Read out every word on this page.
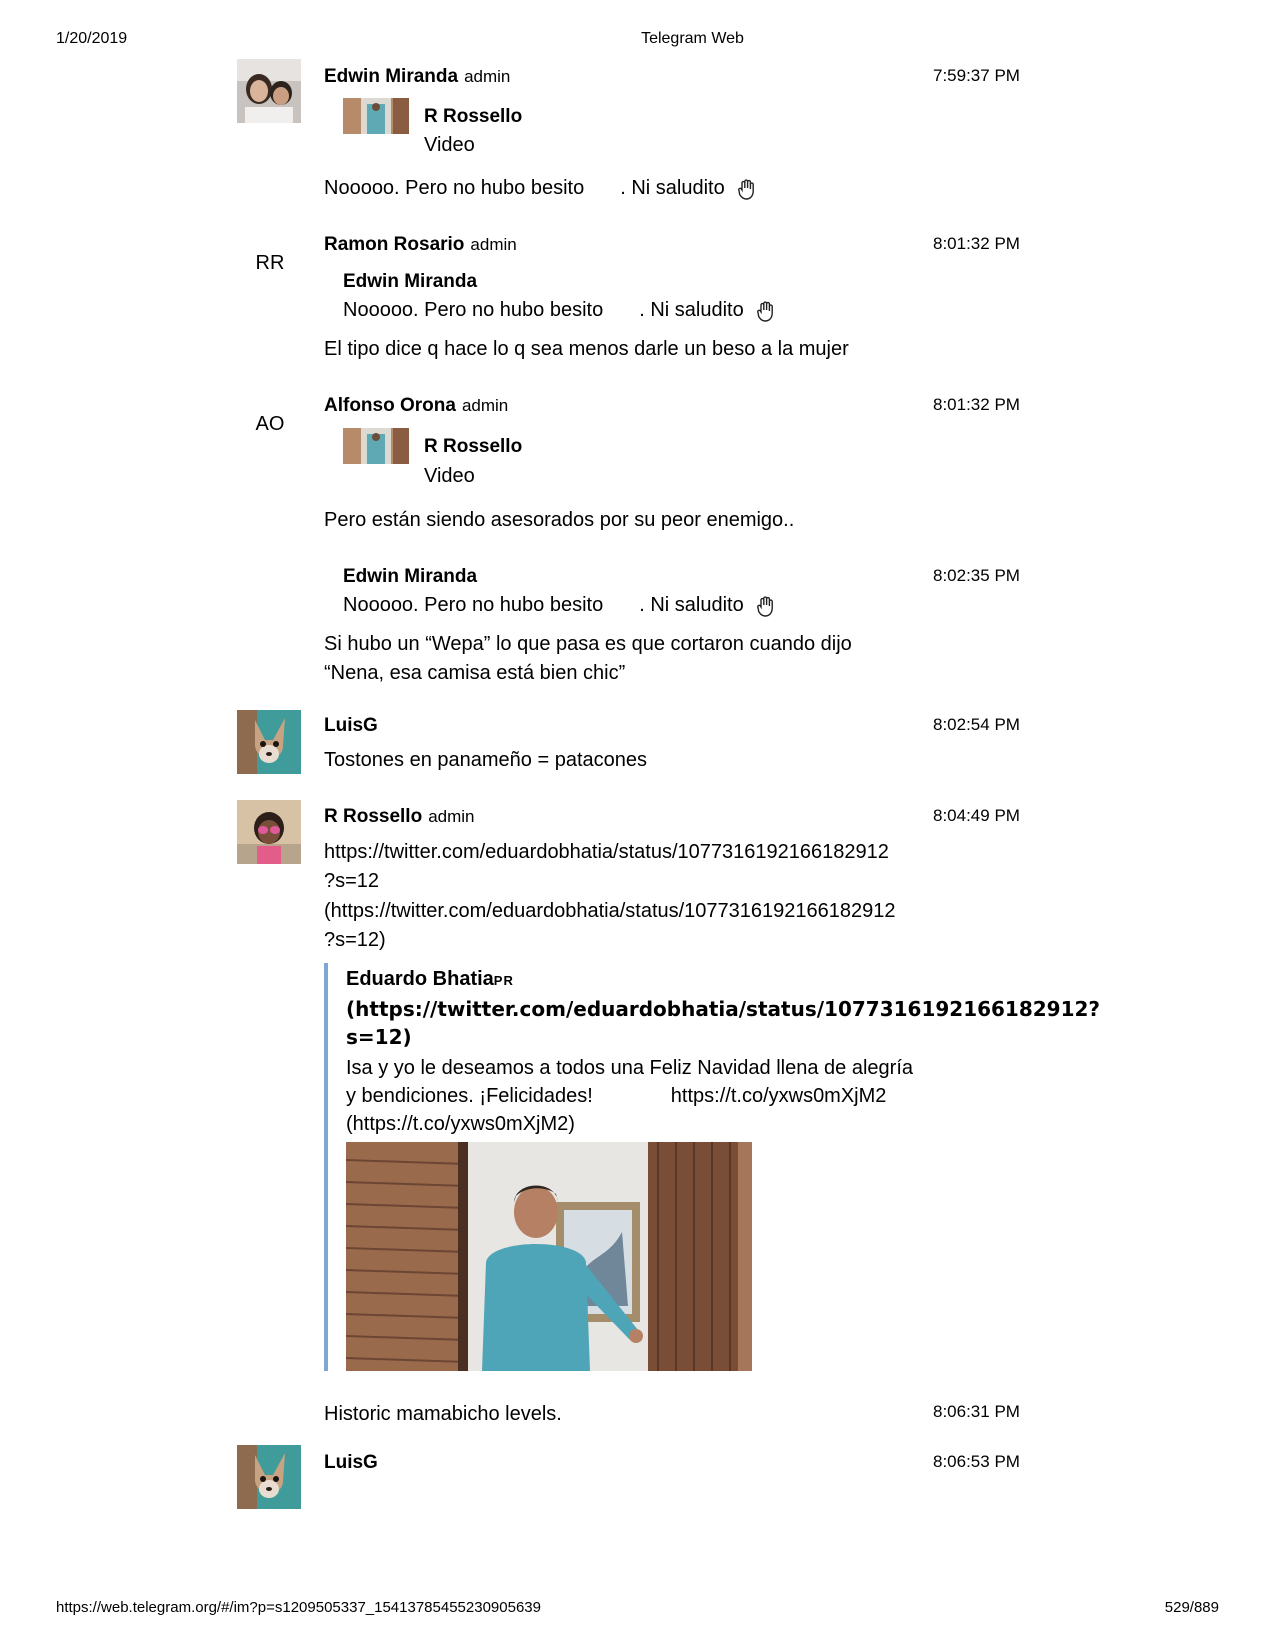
1/20/2019	Telegram Web
Edwin Miranda admin	7:59:37 PM
R Rossello
Video
Nooooo. Pero no hubo besito . Ni saludito
RR
Ramon Rosario admin	8:01:32 PM
Edwin Miranda
Nooooo. Pero no hubo besito . Ni saludito
El tipo dice q hace lo q sea menos darle un beso a la mujer
AO
Alfonso Orona admin	8:01:32 PM
R Rossello
Video
Pero están siendo asesorados por su peor enemigo..
8:02:35 PM
Edwin Miranda
Nooooo. Pero no hubo besito . Ni saludito
Si hubo un “Wepa” lo que pasa es que cortaron cuando dijo
“Nena, esa camisa está bien chic”
LuisG	8:02:54 PM
Tostones en panameño = patacones
R Rossello admin	8:04:49 PM
https://twitter.com/eduardobhatia/status/1077316192166182912
?s=12
(https://twitter.com/eduardobhatia/status/1077316192166182912
?s=12)
Eduardo BhatiaPR
(https://twitter.com/eduardobhatia/status/1077316192166182912?
s=12)
Isa y yo le deseamos a todos una Feliz Navidad llena de alegría
y bendiciones. ¡Felicidades!	https://t.co/yxws0mXjM2
(https://t.co/yxws0mXjM2)
Historic mamabicho levels.	8:06:31 PM
LuisG	8:06:53 PM
https://web.telegram.org/#/im?p=s1209505337_15413785455230905639	529/889
